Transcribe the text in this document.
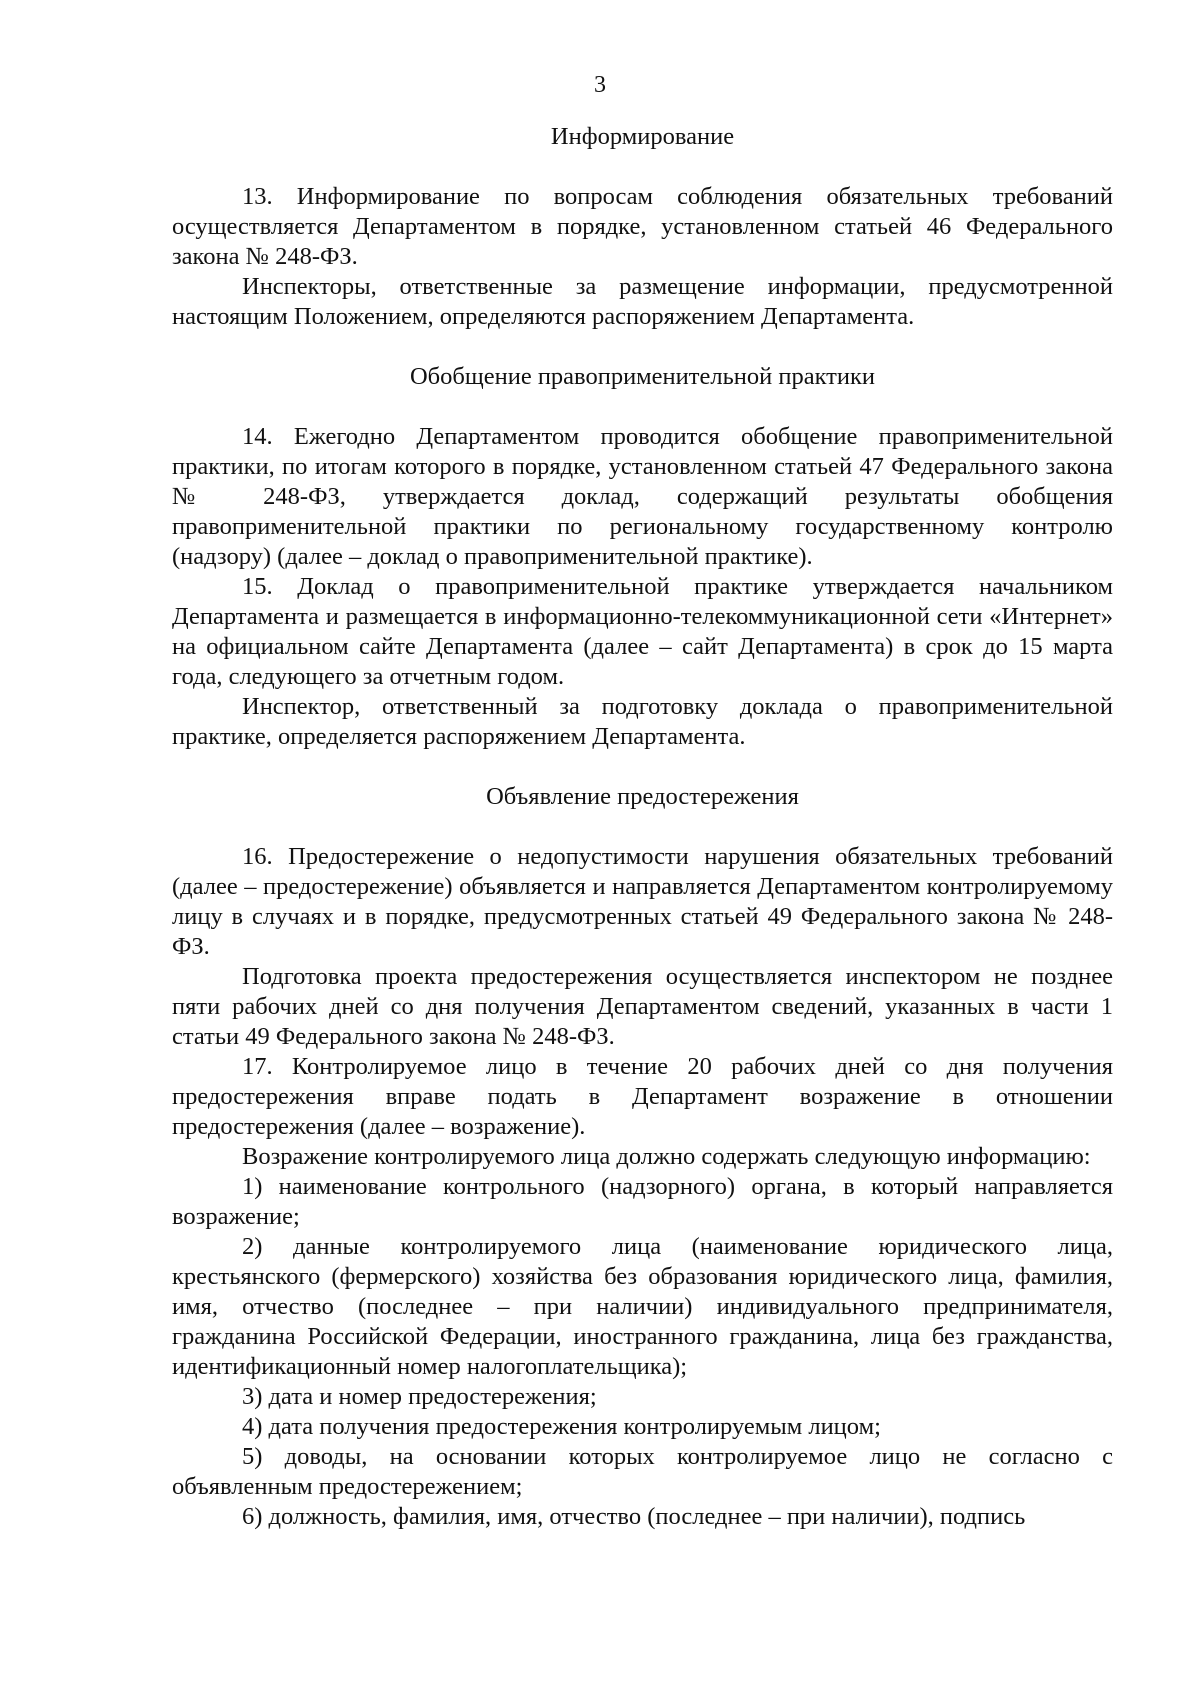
3
Информирование

13. Информирование по вопросам соблюдения обязательных требований осуществляется Департаментом в порядке, установленном статьей 46 Федерального закона № 248-ФЗ.

Инспекторы, ответственные за размещение информации, предусмотренной настоящим Положением, определяются распоряжением Департамента.

Обобщение правоприменительной практики

14. Ежегодно Департаментом проводится обобщение правоприменительной практики, по итогам которого в порядке, установленном статьей 47 Федерального закона № 248-ФЗ, утверждается доклад, содержащий результаты обобщения правоприменительной практики по региональному государственному контролю (надзору) (далее – доклад о правоприменительной практике).

15. Доклад о правоприменительной практике утверждается начальником Департамента и размещается в информационно-телекоммуникационной сети «Интернет» на официальном сайте Департамента (далее – сайт Департамента) в срок до 15 марта года, следующего за отчетным годом.

Инспектор, ответственный за подготовку доклада о правоприменительной практике, определяется распоряжением Департамента.

Объявление предостережения

16. Предостережение о недопустимости нарушения обязательных требований (далее – предостережение) объявляется и направляется Департаментом контролируемому лицу в случаях и в порядке, предусмотренных статьей 49 Федерального закона № 248-ФЗ.

Подготовка проекта предостережения осуществляется инспектором не позднее пяти рабочих дней со дня получения Департаментом сведений, указанных в части 1 статьи 49 Федерального закона № 248-ФЗ.

17. Контролируемое лицо в течение 20 рабочих дней со дня получения предостережения вправе подать в Департамент возражение в отношении предостережения (далее – возражение).

Возражение контролируемого лица должно содержать следующую информацию:

1) наименование контрольного (надзорного) органа, в который направляется возражение;

2) данные контролируемого лица (наименование юридического лица, крестьянского (фермерского) хозяйства без образования юридического лица, фамилия, имя, отчество (последнее – при наличии) индивидуального предпринимателя, гражданина Российской Федерации, иностранного гражданина, лица без гражданства, идентификационный номер налогоплательщика);

3) дата и номер предостережения;

4) дата получения предостережения контролируемым лицом;

5) доводы, на основании которых контролируемое лицо не согласно с объявленным предостережением;

6) должность, фамилия, имя, отчество (последнее – при наличии), подпись
